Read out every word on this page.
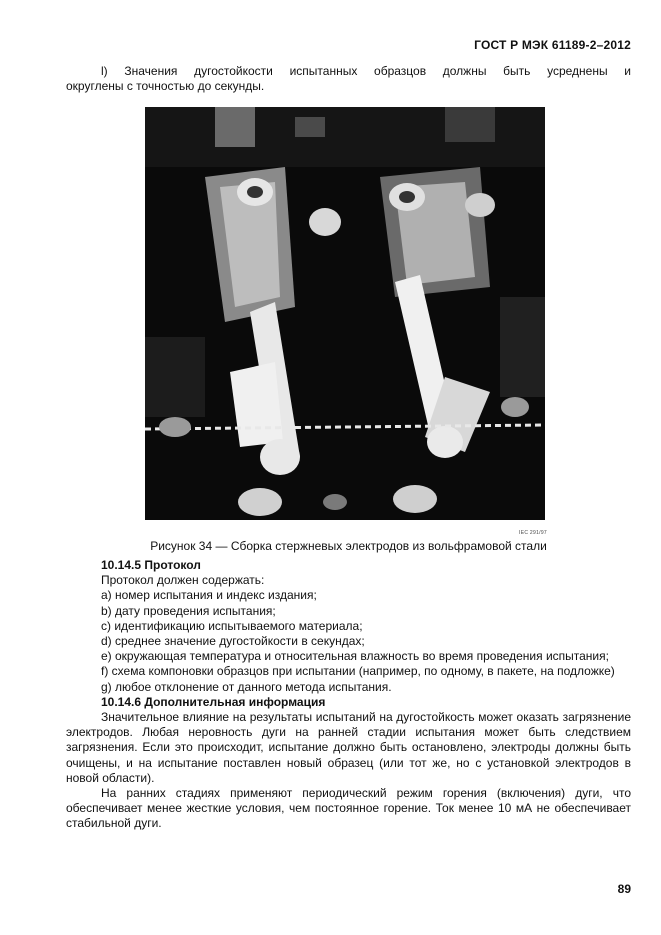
ГОСТ Р МЭК 61189-2–2012

l) Значения дугостойкости испытанных образцов должны быть усреднены и

округлены с точностью до секунды.

IEC 291/97
Рисунок 34 — Сборка стержневых электродов из вольфрамовой стали

10.14.5 Протокол

Протокол должен содержать:

a) номер испытания и индекс издания;

b) дату проведения испытания;

c) идентификацию испытываемого материала;

d) среднее значение дугостойкости в секундах;

e) окружающая температура и относительная влажность во время проведения испытания;

f) схема компоновки образцов при испытании (например, по одному, в пакете, на подложке)

g) любое отклонение от данного метода испытания.

10.14.6 Дополнительная информация

Значительное влияние на результаты испытаний на дугостойкость может оказать загрязнение электродов. Любая неровность дуги на ранней стадии испытания может быть следствием загрязнения. Если это происходит, испытание должно быть остановлено, электроды должны быть очищены, и на испытание поставлен новый образец (или тот же, но с установкой электродов в новой области).

На ранних стадиях применяют периодический режим горения (включения) дуги, что обеспечивает менее жесткие условия, чем постоянное горение. Ток менее 10 мА не обеспечивает стабильной дуги.

89
